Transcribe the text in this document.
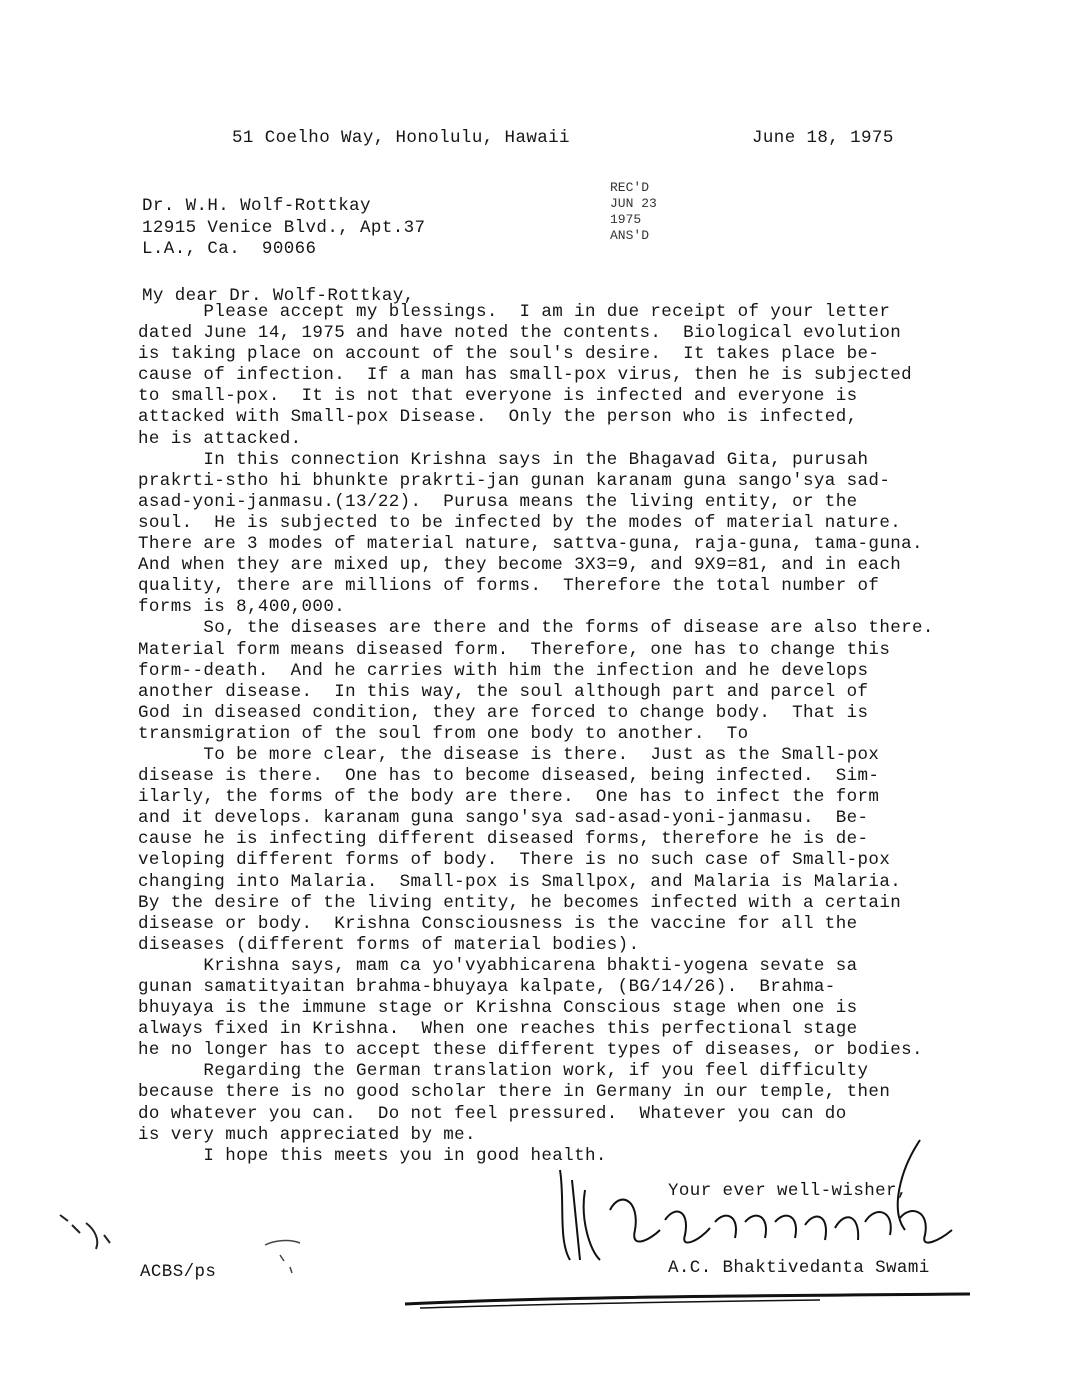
51 Coelho Way, Honolulu, Hawaii	June 18, 1975
Dr. W.H. Wolf-Rottkay
12915 Venice Blvd., Apt.37
L.A., Ca.  90066
REC'D
JUN 23
1975
ANS'D
My dear Dr. Wolf-Rottkay,
Please accept my blessings.  I am in due receipt of your letter
dated June 14, 1975 and have noted the contents.  Biological evolution
is taking place on account of the soul's desire.  It takes place be-
cause of infection.  If a man has small-pox virus, then he is subjected
to small-pox.  It is not that everyone is infected and everyone is
attacked with Small-pox Disease.  Only the person who is infected,
he is attacked.
In this connection Krishna says in the Bhagavad Gita, purusah
prakrti-stho hi bhunkte prakrti-jan gunan karanam guna sango'sya sad-
asad-yoni-janmasu.(13/22).  Purusa means the living entity, or the
soul.  He is subjected to be infected by the modes of material nature.
There are 3 modes of material nature, sattva-guna, raja-guna, tama-guna.
And when they are mixed up, they become 3X3=9, and 9X9=81, and in each
quality, there are millions of forms.  Therefore the total number of
forms is 8,400,000.
So, the diseases are there and the forms of disease are also there.
Material form means diseased form.  Therefore, one has to change this
form--death.  And he carries with him the infection and he develops
another disease.  In this way, the soul although part and parcel of
God in diseased condition, they are forced to change body.  That is
transmigration of the soul from one body to another.  To
To be more clear, the disease is there.  Just as the Small-pox
disease is there.  One has to become diseased, being infected.  Sim-
ilarly, the forms of the body are there.  One has to infect the form
and it develops. karanam guna sango'sya sad-asad-yoni-janmasu.  Be-
cause he is infecting different diseased forms, therefore he is de-
veloping different forms of body.  There is no such case of Small-pox
changing into Malaria.  Small-pox is Smallpox, and Malaria is Malaria.
By the desire of the living entity, he becomes infected with a certain
disease or body.  Krishna Consciousness is the vaccine for all the
diseases (different forms of material bodies).
Krishna says, mam ca yo'vyabhicarena bhakti-yogena sevate sa
gunan samatityaitan brahma-bhuyaya kalpate, (BG/14/26).  Brahma-
bhuyaya is the immune stage or Krishna Conscious stage when one is
always fixed in Krishna.  When one reaches this perfectional stage
he no longer has to accept these different types of diseases, or bodies.
Regarding the German translation work, if you feel difficulty
because there is no good scholar there in Germany in our temple, then
do whatever you can.  Do not feel pressured.  Whatever you can do
is very much appreciated by me.
I hope this meets you in good health.
Your ever well-wisher,
A.C. Bhaktivedanta Swami
ACBS/ps
